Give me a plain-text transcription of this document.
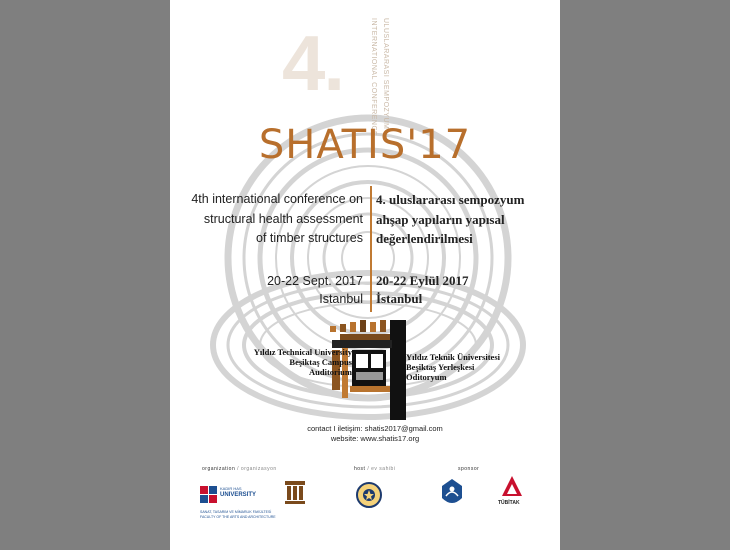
4.	INTERNATIONAL CONFERENCE ULUSLARARASI SEMPOZYUM
SHATIS'17
4th international conference on
structural health assessment
of timber structures
4. uluslararası sempozyum
ahşap yapıların yapısal
değerlendirilmesi
20-22 Sept. 2017
Istanbul
20-22 Eylül 2017
İstanbul
Yıldız Technical University
Beşiktaş Campus
Auditorium
Yıldız Teknik Üniversitesi
Beşiktaş Yerleşkesi
Oditoryum
contact I iletişim: shatis2017@gmail.com
website: www.shatis17.org
organization / organizasyon	host / ev sahibi	sponsor
KADIR HAS
UNIVERSITY
SANAT, TASARIM VE MİMARLIK FAKÜLTESİ
FACULTY OF THE ARTS AND ARCHITECTURE
TÜBİTAK
